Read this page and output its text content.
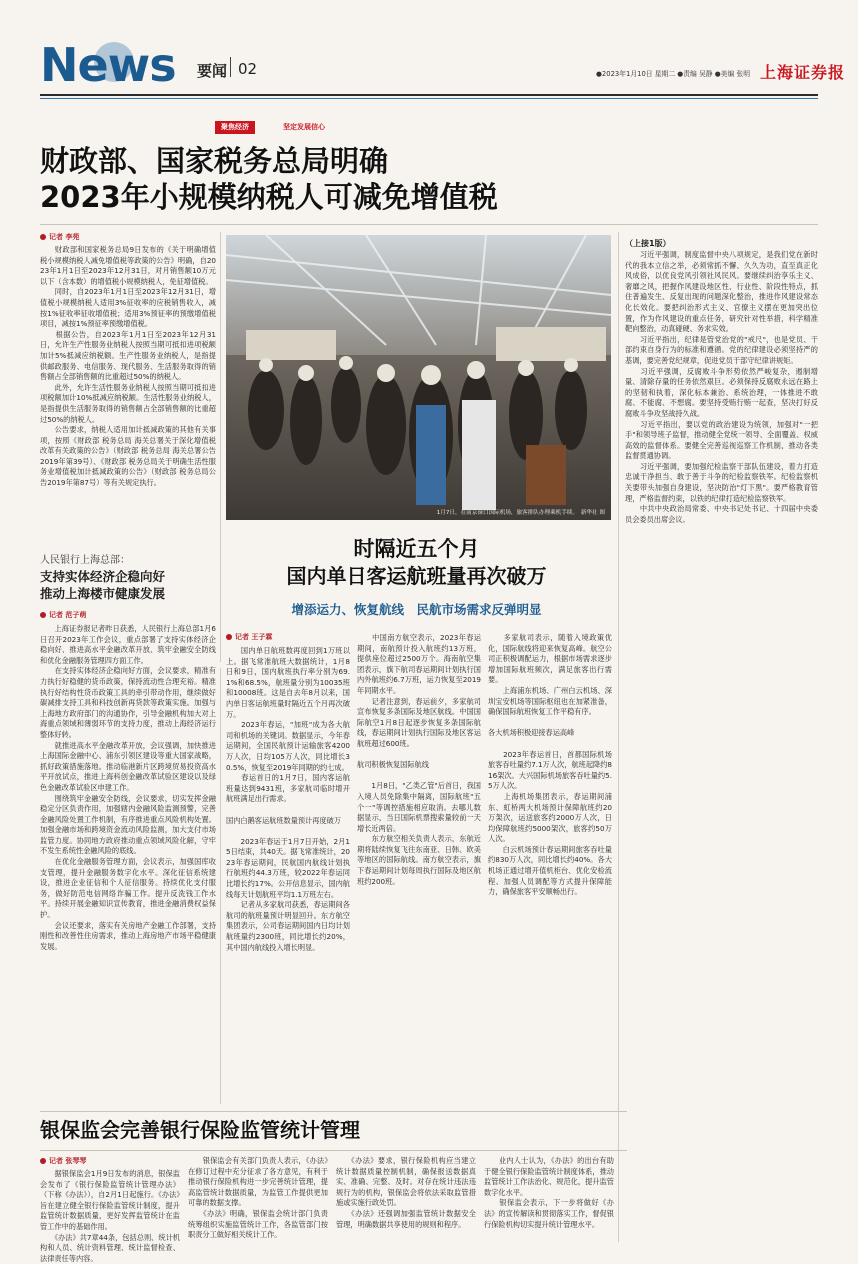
News 要闻 02	●2023年1月10日 星期二 ●责编 吴静 ●美编 张明 上海证券报
聚焦经济	坚定发展信心
财政部、国家税务总局明确
2023年小规模纳税人可减免增值税
记者 李苑
　　财政部和国家税务总局9日发布的《关于明确增值税小规模纳税人减免增值税等政策的公告》明确，自2023年1月1日至2023年12月31日，对月销售额10万元以下（含本数）的增值税小规模纳税人，免征增值税。
　　同时，自2023年1月1日至2023年12月31日，增值税小规模纳税人适用3%征收率的应税销售收入，减按1%征收率征收增值税；适用3%预征率的预缴增值税项目，减按1%预征率预缴增值税。
　　根据公告，自2023年1月1日至2023年12月31日，允许生产性服务业纳税人按照当期可抵扣进项税额加计5%抵减应纳税额。生产性服务业纳税人，是指提供邮政服务、电信服务、现代服务、生活服务取得的销售额占全部销售额的比重超过50%的纳税人。
　　此外，允许生活性服务业纳税人按照当期可抵扣进项税额加计10%抵减应纳税额。生活性服务业纳税人，是指提供生活服务取得的销售额占全部销售额的比重超过50%的纳税人。
　　公告要求，纳税人适用加计抵减政策的其他有关事项，按照《财政部 税务总局 海关总署关于深化增值税改革有关政策的公告》（财政部 税务总局 海关总署公告2019年第39号）、《财政部 税务总局关于明确生活性服务业增值税加计抵减政策的公告》（财政部 税务总局公告2019年第87号）等有关规定执行。
1月7日，在南京禄口国际机场，旅客排队办理乘机手续。　新华社 图
时隔近五个月
国内单日客运航班量再次破万
增添运力、恢复航线　民航市场需求反弹明显
人民银行上海总部：
支持实体经济企稳向好
推动上海楼市健康发展
记者 范子萌
　　上海证券报记者昨日获悉，人民银行上海总部1月6日召开2023年工作会议，重点部署了支持实体经济企稳向好、推进高水平金融改革开放、筑牢金融安全防线和优化金融服务管理四方面工作。
　　在支持实体经济企稳向好方面，会议要求，精准有力执行好稳健的货币政策，保持流动性合理充裕。精准执行好结构性货币政策工具的牵引带动作用，继续做好碳减排支持工具和科技创新再贷款等政策实施。加强与上海地方政府部门的沟通协作，引导金融机构加大对上海重点领域和薄弱环节的支持力度，推动上海经济运行整体好转。
　　就推进高水平金融改革开放，会议强调，加快推进上海国际金融中心、浦东引领区建设等重大国家战略，抓好政策措施落地。推动临港新片区跨境贸易投资高水平开放试点，推进上海科创金融改革试验区建设以及绿色金融改革试验区申建工作。
　　围绕筑牢金融安全防线，会议要求，切实发挥金融稳定分区负责作用，加强辖内金融风险监测预警，完善金融风险处置工作机制，有序推进重点风险机构处置。加强金融市场和跨境资金流动风险监测，加大支付市场监管力度。协同地方政府推动重点领域风险化解，守牢不发生系统性金融风险的底线。
　　在优化金融服务管理方面，会议表示，加强国库收支管理，提升金融服务数字化水平。深化征信系统建设，推进企业征信和个人征信服务。持续优化支付服务，做好防范电信网络诈骗工作。提升反洗钱工作水平。持续开展金融知识宣传教育，推进金融消费权益保护。
　　会议还要求，落实有关房地产金融工作部署，支持刚性和改善性住房需求，推动上海房地产市场平稳健康发展。
记者 王子霖
　　国内单日航班数再度回到1万班以上。据飞常准航班大数据统计，1月8日和9日，国内航班执行率分别为69.1%和68.5%，航班量分别为10035班和10008班。这是自去年8月以来，国内单日客运航班量时隔近五个月再次破万。
　　2023年春运，"加班"成为各大航司和机场的关键词。数据显示，今年春运期间，全国民航预计运输旅客4200万人次，日均105万人次，同比增长30.5%，恢复至2019年同期的约七成。
　　春运首日的1月7日，国内客运航班量达到9431班，多家航司临时增开航班满足出行需求。

国内白鹅客运航班数量预计再度破万

　　2023年春运于1月7日开始，2月15日结束，共40天。据飞常准统计，2023年春运期间，民航国内航线计划执行航班约44.3万班，较2022年春运同比增长约17%。公开信息显示，国内航线每天计划航班平均1.1万班左右。
　　记者从多家航司获悉，春运期间各航司的航班量预计明显回升。东方航空集团表示，公司春运期间国内日均计划航班量约2300班，同比增长约20%，其中国内航线投入增长明显。
　　中国南方航空表示，2023年春运期间，南航预计投入航班约13万班，提供座位超过2500万个。海南航空集团表示，旗下航司春运期间计划执行国内外航班约6.7万班，运力恢复至2019年同期水平。
　　记者注意到，春运前夕，多家航司宣布恢复多条国际及地区航线。中国国际航空1月8日起逐步恢复多条国际航线，春运期间计划执行国际及地区客运航班超过600班。

航司积极恢复国际航线

　　1月8日，"乙类乙管"后首日，我国入境人员免除集中隔离，国际航班"五个一"等调控措施相应取消。去哪儿数据显示，当日国际机票搜索量较前一天增长近两倍。
　　东方航空相关负责人表示，东航近期将陆续恢复飞往东南亚、日韩、欧美等地区的国际航线。南方航空表示，旗下春运期间计划每周执行国际及地区航班约200班。
　　多家航司表示，随着入境政策优化，国际航线将迎来恢复高峰。航空公司正积极调配运力，根据市场需求逐步增加国际航班频次，满足旅客出行需要。
　　上海浦东机场、广州白云机场、深圳宝安机场等国际枢纽也在加紧准备，确保国际航班恢复工作平稳有序。

各大机场积极迎接春运高峰

　　2023年春运首日，首都国际机场旅客吞吐量约7.1万人次，航班起降约816架次。大兴国际机场旅客吞吐量约5.5万人次。
　　上海机场集团表示，春运期间浦东、虹桥两大机场预计保障航班约20万架次，运送旅客约2000万人次，日均保障航班约5000架次，旅客约50万人次。
　　白云机场预计春运期间旅客吞吐量约830万人次，同比增长约40%。各大机场正通过增开值机柜台、优化安检流程、加强人员调配等方式提升保障能力，确保旅客平安顺畅出行。
（上接1版）
　　习近平强调，制度监督中央八项规定，是我们党在新时代的我本立信之举，必须常抓不懈、久久为功，直至真正化风成俗，以优良党风引领社风民风。要继续纠治享乐主义、奢靡之风，把握作风建设地区性、行业性、阶段性特点，抓住普遍发生、反复出现的问题深化整治，推进作风建设常态化长效化。要把纠治形式主义、官僚主义摆在更加突出位置，作为作风建设的重点任务，研究针对性举措，科学精准靶向整治，动真碰硬、务求实效。
　　习近平指出，纪律是管党治党的"戒尺"，也是党员、干部约束自身行为的标准和遵循。党的纪律建设必须坚持严的基调，要完善党纪规章，促进党员干部守纪律讲规矩。
　　习近平强调，反腐败斗争形势依然严峻复杂，遏制增量、清除存量的任务依然艰巨。必须保持反腐败永远在路上的坚韧和执着，深化标本兼治、系统治理，一体推进不敢腐、不能腐、不想腐。要坚持受贿行贿一起查，坚决打好反腐败斗争攻坚战持久战。
　　习近平指出，要以党的政治建设为统领，加强对"一把手"和领导班子监督，推动健全党统一领导、全面覆盖、权威高效的监督体系。要健全完善巡视巡察工作机制，推动各类监督贯通协调。
　　习近平强调，要加强纪检监察干部队伍建设，着力打造忠诚干净担当、敢于善于斗争的纪检监察铁军。纪检监察机关要带头加强自身建设，坚决防治"灯下黑"。要严格教育管理，严格监督约束，以铁的纪律打造纪检监察铁军。
　　中共中央政治局常委、中央书记处书记、十四届中央委员会委员出席会议。
银保监会完善银行保险监管统计管理
记者 张琴琴
　　据银保监会1月9日发布的消息，银保监会发布了《银行保险监管统计管理办法》（下称《办法》），自2月1日起施行。《办法》旨在建立健全银行保险监管统计制度，提升监管统计数据质量，更好发挥监管统计在监管工作中的基础作用。
　　《办法》共7章44条，包括总则、统计机构和人员、统计资料管理、统计监督检查、法律责任等内容。
　　银保监会有关部门负责人表示，《办法》在修订过程中充分征求了各方意见，有利于推动银行保险机构进一步完善统计管理，提高监管统计数据质量，为监管工作提供更加可靠的数据支撑。
　　《办法》明确，银保监会统计部门负责统筹组织实施监管统计工作，各监管部门按职责分工做好相关统计工作。
　　《办法》要求，银行保险机构应当建立统计数据质量控制机制，确保报送数据真实、准确、完整、及时。对存在统计违法违规行为的机构，银保监会将依法采取监管措施或实施行政处罚。
　　《办法》还强调加强监管统计数据安全管理，明确数据共享使用的规则和程序。
　　业内人士认为，《办法》的出台有助于健全银行保险监管统计制度体系，推动监管统计工作法治化、规范化，提升监管数字化水平。
　　银保监会表示，下一步将做好《办法》的宣传解读和贯彻落实工作，督促银行保险机构切实提升统计管理水平。
